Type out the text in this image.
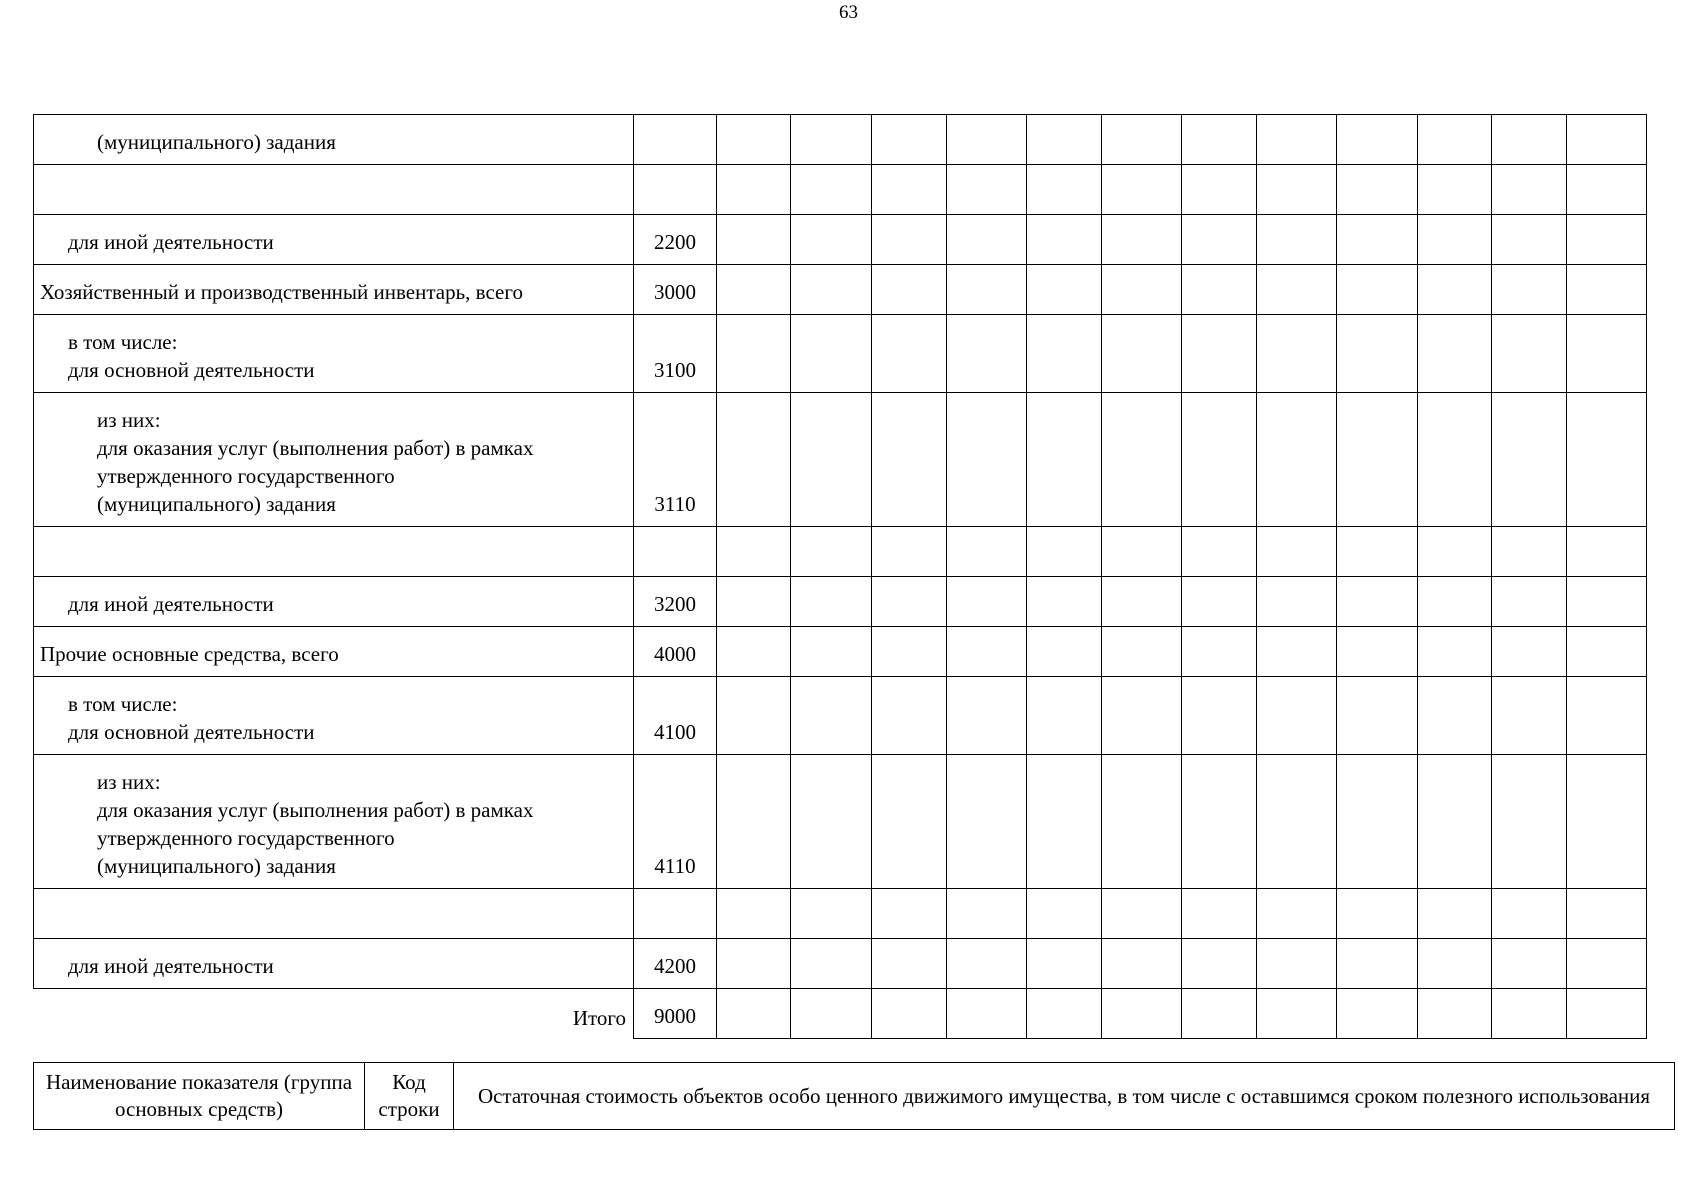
63
(муниципального) задания													

для иной деятельности	2200												

Хозяйственный и производственный инвентарь, всего	3000												

в том числе:
для основной деятельности	3100												

из них:
для оказания услуг (выполнения работ) в рамках
утвержденного государственного
(муниципального) задания	3110												

для иной деятельности	3200												

Прочие основные средства, всего	4000												

в том числе:
для основной деятельности	4100												

из них:
для оказания услуг (выполнения работ) в рамках
утвержденного государственного
(муниципального) задания	4110												

для иной деятельности	4200												

Итого	9000												
Наименование показателя (группа основных средств)	Код строки	Остаточная стоимость объектов особо ценного движимого имущества, в том числе с оставшимся сроком полезного использования
